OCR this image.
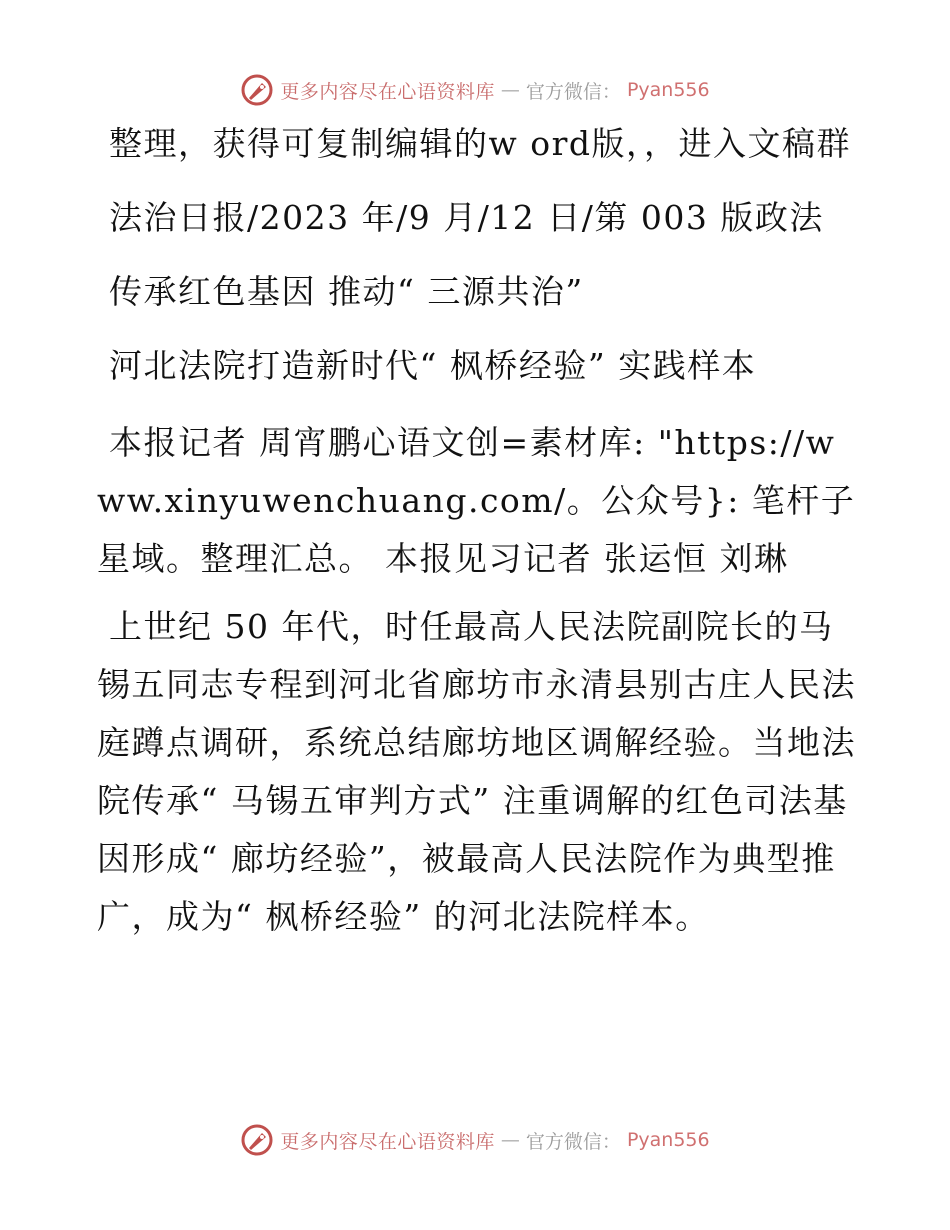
更多内容尽在心语资料库 — 官方微信： Pyan556

整理，获得可复制编辑的w ord版，，进入文稿群

法治日报/2023 年/9 月/12 日/第 003 版政法

传承红色基因 推动“ 三源共治”

河北法院打造新时代“ 枫桥经验” 实践样本

本报记者 周宵鹏心语文创=素材库: "https://www.xinyuwenchuang.com/。公众号}: 笔杆子星域。整理汇总。 本报见习记者 张运恒 刘琳

上世纪 50 年代，时任最高人民法院副院长的马锡五同志专程到河北省廊坊市永清县别古庄人民法庭蹲点调研，系统总结廊坊地区调解经验。当地法院传承“ 马锡五审判方式” 注重调解的红色司法基因形成“ 廊坊经验”，被最高人民法院作为典型推广，成为“ 枫桥经验” 的河北法院样本。

更多内容尽在心语资料库 — 官方微信： Pyan556
